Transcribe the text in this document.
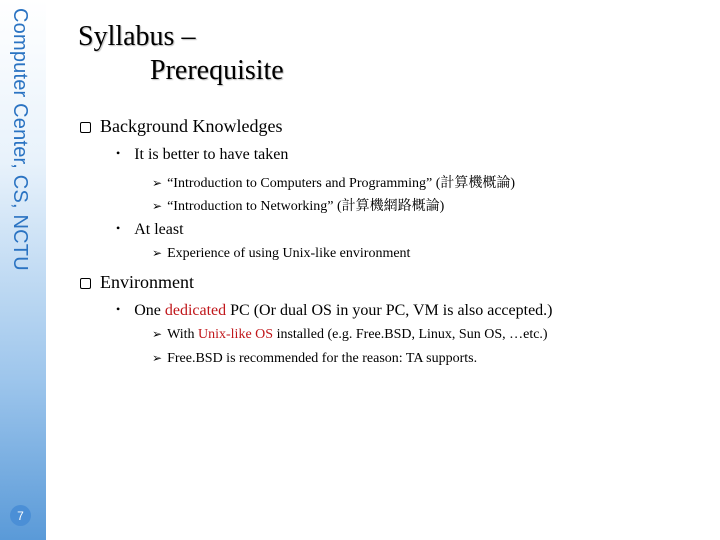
Computer Center, CS, NCTU
7
Syllabus –
Prerequisite
Background Knowledges
• It is better to have taken
➢ “Introduction to Computers and Programming” (計算機概論)
➢ “Introduction to Networking” (計算機網路概論)
• At least
➢ Experience of using Unix-like environment
Environment
• One dedicated PC (Or dual OS in your PC, VM is also accepted.)
➢ With Unix-like OS installed (e.g. Free.BSD, Linux, Sun OS, …etc.)
➢ Free.BSD is recommended for the reason: TA supports.
